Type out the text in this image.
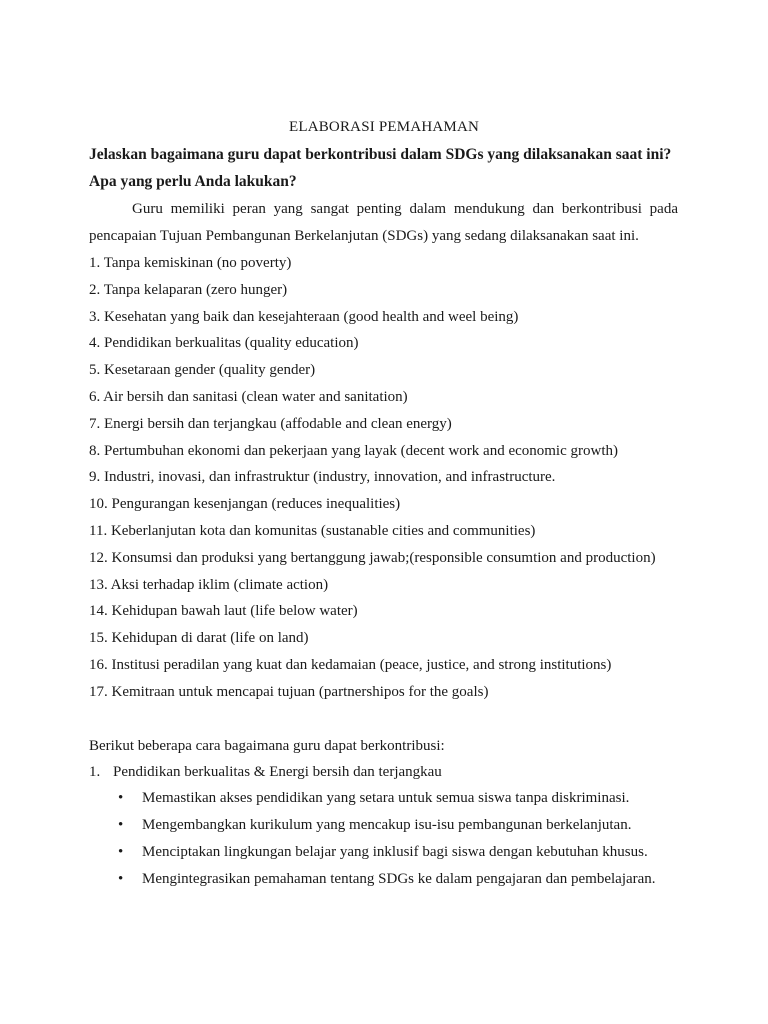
ELABORASI PEMAHAMAN

Jelaskan bagaimana guru dapat berkontribusi dalam SDGs yang dilaksanakan saat ini? Apa yang perlu Anda lakukan?

Guru memiliki peran yang sangat penting dalam mendukung dan berkontribusi pada pencapaian Tujuan Pembangunan Berkelanjutan (SDGs) yang sedang dilaksanakan saat ini.

1. Tanpa kemiskinan (no poverty)
2. Tanpa kelaparan (zero hunger)
3. Kesehatan yang baik dan kesejahteraan (good health and weel being)
4. Pendidikan berkualitas (quality education)
5. Kesetaraan gender (quality gender)
6. Air bersih dan sanitasi (clean water and sanitation)
7. Energi bersih dan terjangkau (affodable and clean energy)
8. Pertumbuhan ekonomi dan pekerjaan yang layak (decent work and economic growth)
9. Industri, inovasi, dan infrastruktur (industry, innovation, and infrastructure.
10. Pengurangan kesenjangan (reduces inequalities)
11. Keberlanjutan kota dan komunitas (sustanable cities and communities)
12. Konsumsi dan produksi yang bertanggung jawab;(responsible consumtion and production)
13. Aksi terhadap iklim (climate action)
14. Kehidupan bawah laut (life below water)
15. Kehidupan di darat (life on land)
16. Institusi peradilan yang kuat dan kedamaian (peace, justice, and strong institutions)
17. Kemitraan untuk mencapai tujuan (partnershipos for the goals)

Berikut beberapa cara bagaimana guru dapat berkontribusi:

1. Pendidikan berkualitas & Energi bersih dan terjangkau

• Memastikan akses pendidikan yang setara untuk semua siswa tanpa diskriminasi.
• Mengembangkan kurikulum yang mencakup isu-isu pembangunan berkelanjutan.
• Menciptakan lingkungan belajar yang inklusif bagi siswa dengan kebutuhan khusus.
• Mengintegrasikan pemahaman tentang SDGs ke dalam pengajaran dan pembelajaran.
